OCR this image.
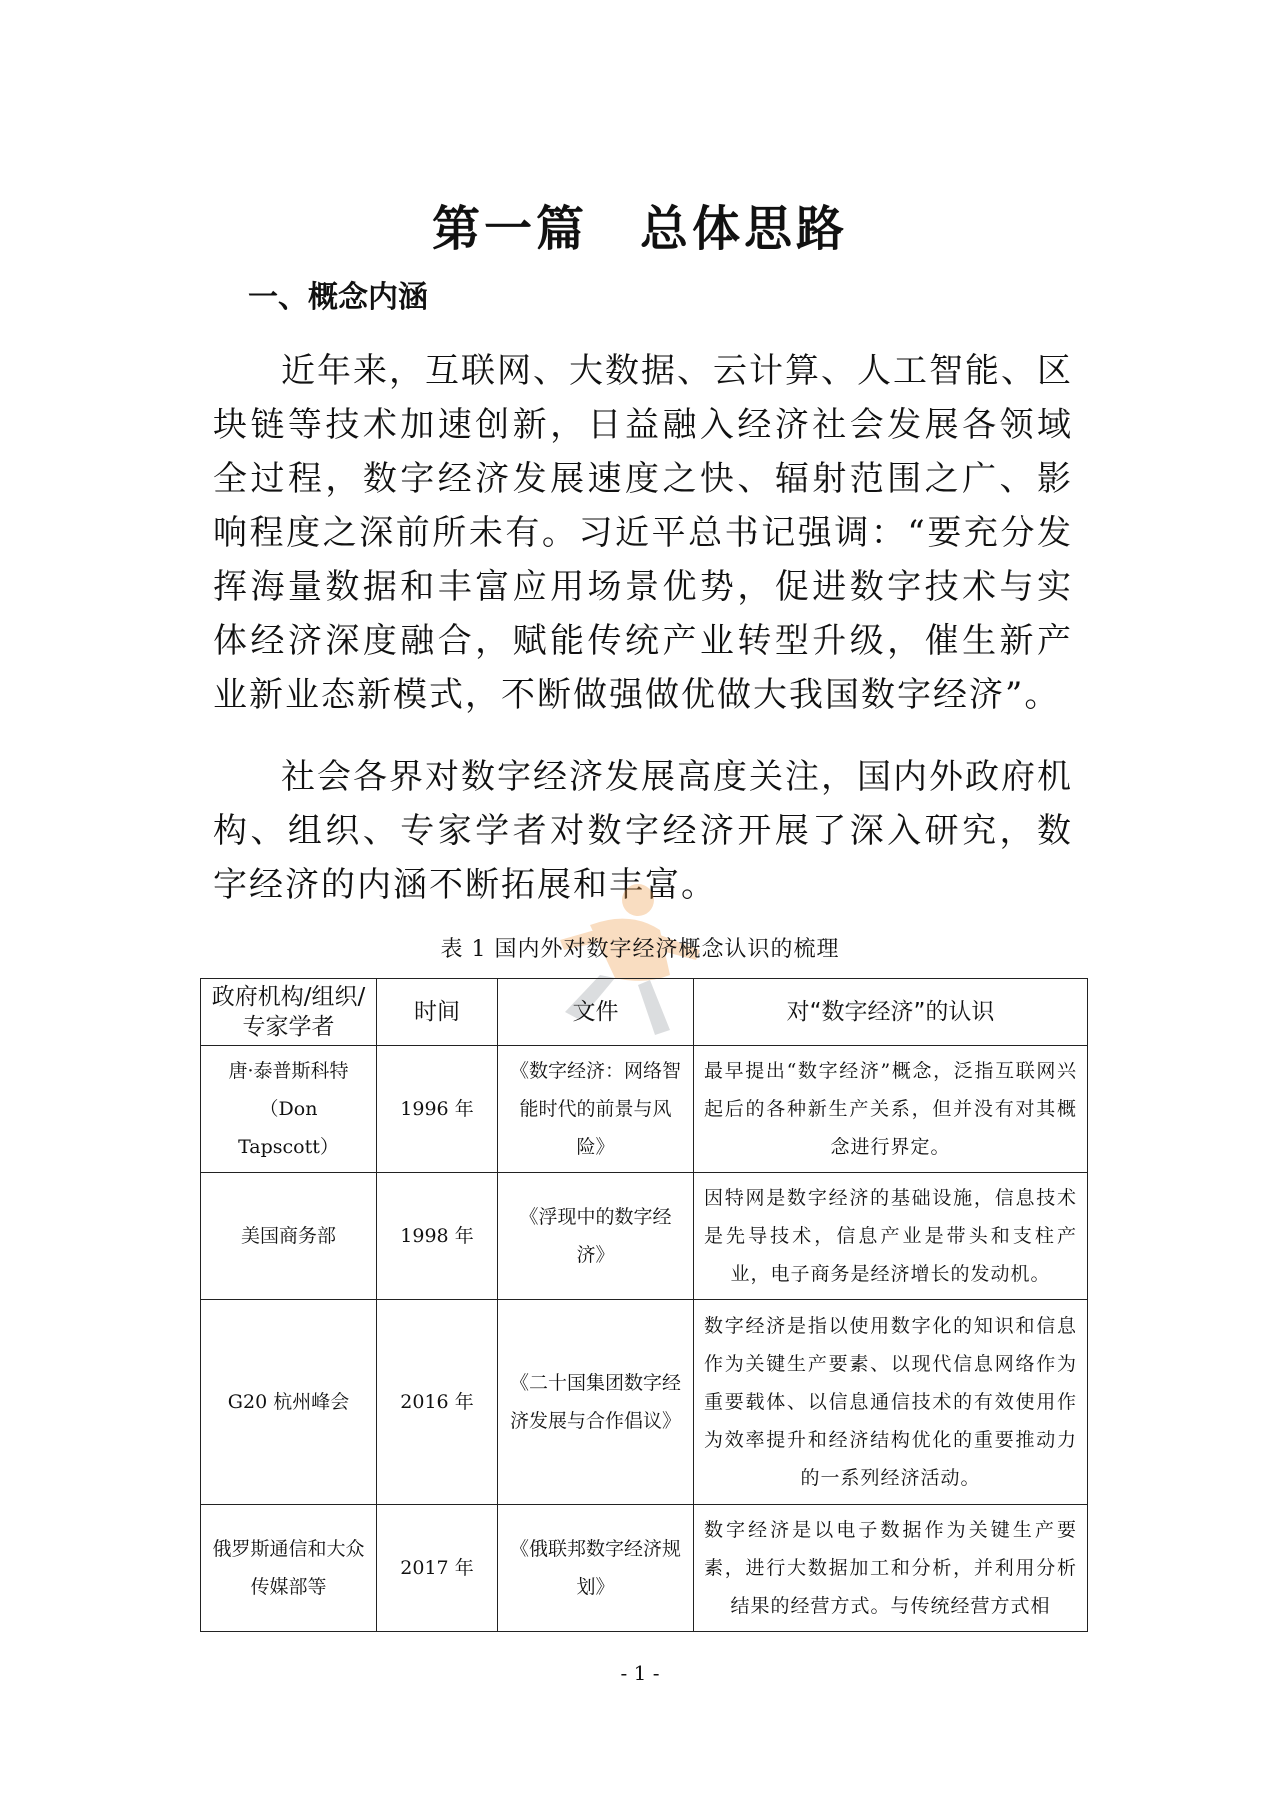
第一篇　总体思路
一、概念内涵

近年来，互联网、大数据、云计算、人工智能、区块链等技术加速创新，日益融入经济社会发展各领域全过程，数字经济发展速度之快、辐射范围之广、影响程度之深前所未有。习近平总书记强调：“要充分发挥海量数据和丰富应用场景优势，促进数字技术与实体经济深度融合，赋能传统产业转型升级，催生新产业新业态新模式，不断做强做优做大我国数字经济”。

社会各界对数字经济发展高度关注，国内外政府机构、组织、专家学者对数字经济开展了深入研究，数字经济的内涵不断拓展和丰富。

表 1 国内外对数字经济概念认识的梳理

政府机构/组织/专家学者	时间	文件	对“数字经济”的认识
唐·泰普斯科特（Don Tapscott）	1996 年	《数字经济：网络智能时代的前景与风险》	最早提出“数字经济”概念，泛指互联网兴起后的各种新生产关系，但并没有对其概念进行界定。
美国商务部	1998 年	《浮现中的数字经济》	因特网是数字经济的基础设施，信息技术是先导技术，信息产业是带头和支柱产业，电子商务是经济增长的发动机。
G20 杭州峰会	2016 年	《二十国集团数字经济发展与合作倡议》	数字经济是指以使用数字化的知识和信息作为关键生产要素、以现代信息网络作为重要载体、以信息通信技术的有效使用作为效率提升和经济结构优化的重要推动力的一系列经济活动。
俄罗斯通信和大众传媒部等	2017 年	《俄联邦数字经济规划》	数字经济是以电子数据作为关键生产要素，进行大数据加工和分析，并利用分析结果的经营方式。与传统经营方式相

- 1 -
